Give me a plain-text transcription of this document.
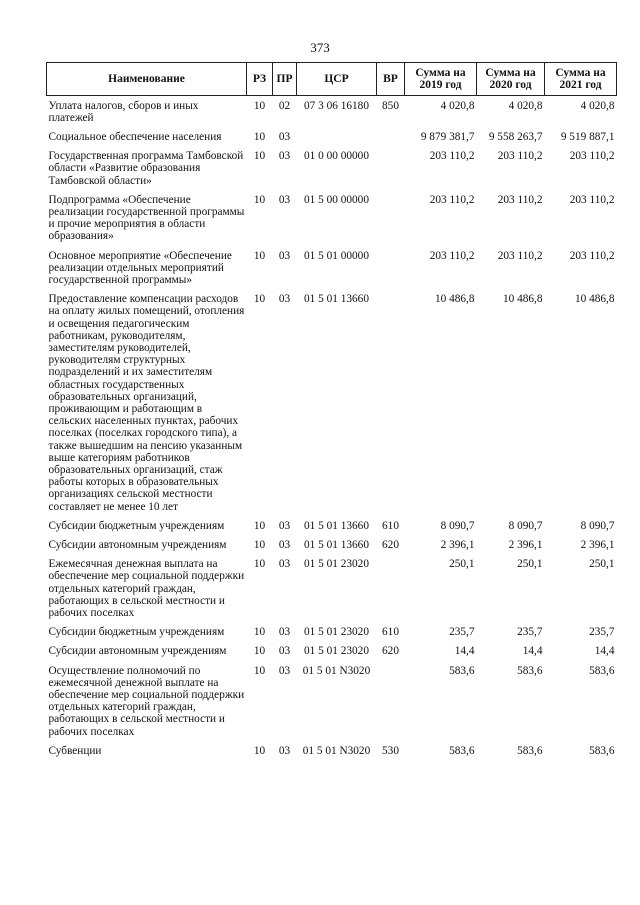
373
Наименование	РЗ	ПР	ЦСР	ВР	Сумма на 2019 год	Сумма на 2020 год	Сумма на 2021 год

Уплата налогов, сборов и иных платежей	10	02	07 3 06 16180	850	4 020,8	4 020,8	4 020,8
Социальное обеспечение населения	10	03			9 879 381,7	9 558 263,7	9 519 887,1
Государственная программа Тамбовской области «Развитие образования Тамбовской области»	10	03	01 0 00 00000		203 110,2	203 110,2	203 110,2
Подпрограмма «Обеспечение реализации государственной программы и прочие мероприятия в области образования»	10	03	01 5 00 00000		203 110,2	203 110,2	203 110,2
Основное мероприятие «Обеспечение реализации отдельных мероприятий государственной программы»	10	03	01 5 01 00000		203 110,2	203 110,2	203 110,2
Предоставление компенсации расходов на оплату жилых помещений, отопления и освещения педагогическим работникам, руководителям, заместителям руководителей, руководителям структурных подразделений и их заместителям областных государственных образовательных организаций, проживающим и работающим в сельских населенных пунктах, рабочих поселках (поселках городского типа), а также вышедшим на пенсию указанным выше категориям работников образовательных организаций, стаж работы которых в образовательных организациях сельской местности составляет не менее 10 лет	10	03	01 5 01 13660		10 486,8	10 486,8	10 486,8
Субсидии бюджетным учреждениям	10	03	01 5 01 13660	610	8 090,7	8 090,7	8 090,7
Субсидии автономным учреждениям	10	03	01 5 01 13660	620	2 396,1	2 396,1	2 396,1
Ежемесячная денежная выплата на обеспечение мер социальной поддержки отдельных категорий граждан, работающих в сельской местности и рабочих поселках	10	03	01 5 01 23020		250,1	250,1	250,1
Субсидии бюджетным учреждениям	10	03	01 5 01 23020	610	235,7	235,7	235,7
Субсидии автономным учреждениям	10	03	01 5 01 23020	620	14,4	14,4	14,4
Осуществление полномочий по ежемесячной денежной выплате на обеспечение мер социальной поддержки отдельных категорий граждан, работающих в сельской местности и рабочих поселках	10	03	01 5 01 N3020		583,6	583,6	583,6
Субвенции	10	03	01 5 01 N3020	530	583,6	583,6	583,6
